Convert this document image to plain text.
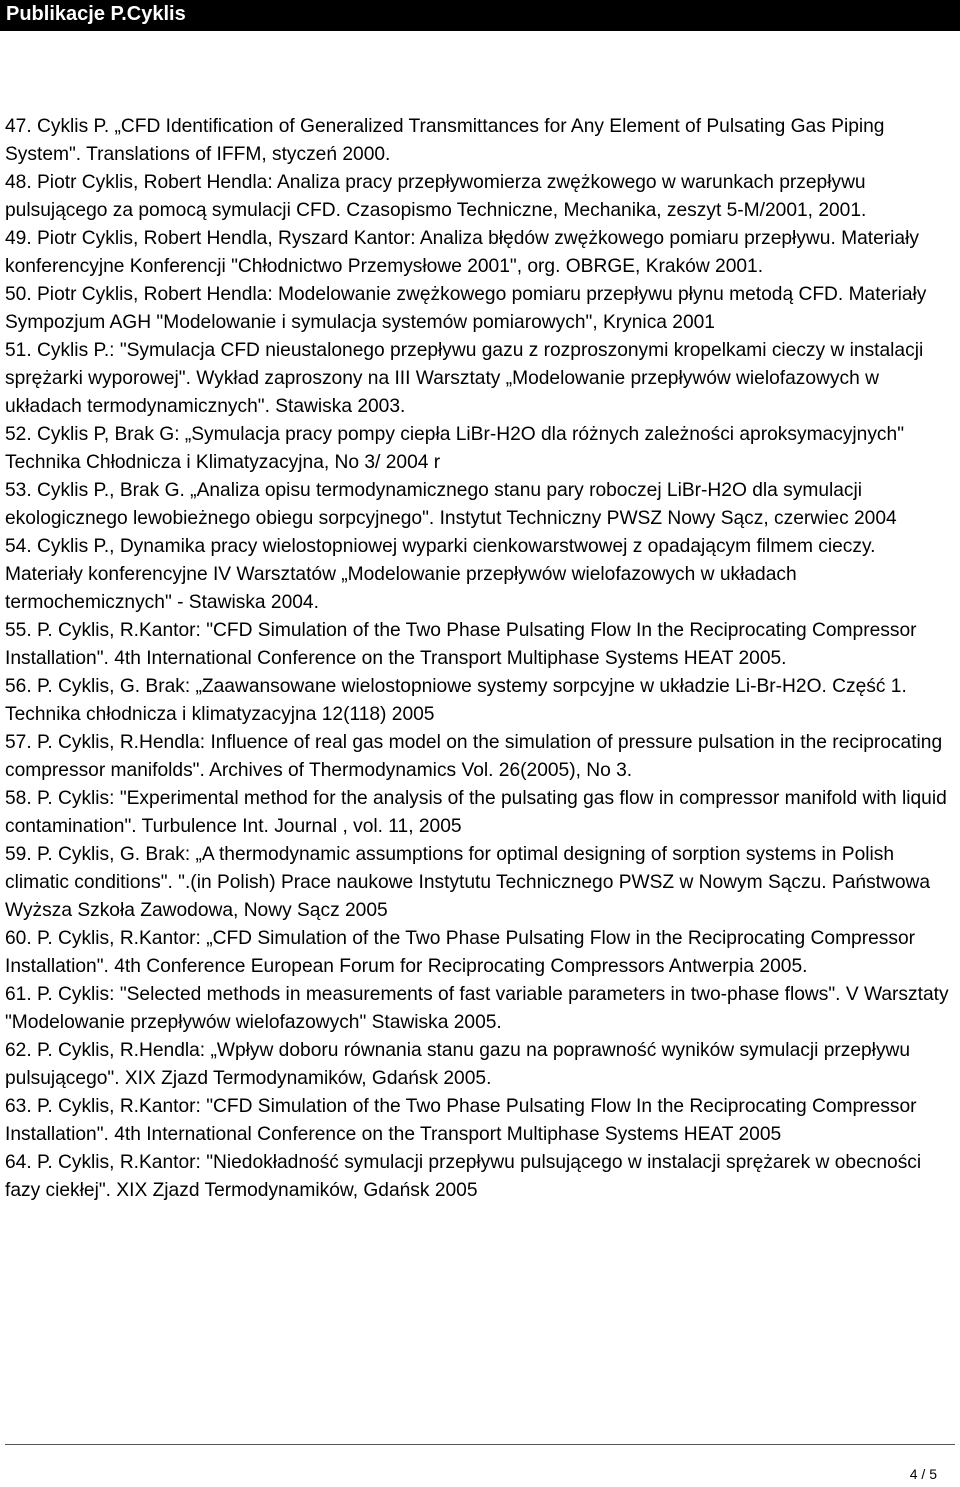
Publikacje P.Cyklis

47. Cyklis P. „CFD Identification of Generalized Transmittances for Any Element of Pulsating Gas Piping System". Translations of IFFM, styczeń 2000.

48. Piotr Cyklis, Robert Hendla: Analiza pracy przepływomierza zwężkowego w warunkach przepływu pulsującego za pomocą symulacji CFD. Czasopismo Techniczne, Mechanika, zeszyt 5-M/2001, 2001.

49. Piotr Cyklis, Robert Hendla, Ryszard Kantor: Analiza błędów zwężkowego pomiaru przepływu. Materiały konferencyjne Konferencji "Chłodnictwo Przemysłowe 2001", org. OBRGE, Kraków 2001.

50. Piotr Cyklis, Robert Hendla: Modelowanie zwężkowego pomiaru przepływu płynu metodą CFD. Materiały Sympozjum AGH "Modelowanie i symulacja systemów pomiarowych", Krynica 2001

51. Cyklis P.: "Symulacja CFD nieustalonego przepływu gazu z rozproszonymi kropelkami cieczy w instalacji sprężarki wyporowej". Wykład zaproszony na III Warsztaty „Modelowanie przepływów wielofazowych w układach termodynamicznych". Stawiska 2003.

52. Cyklis P, Brak G: „Symulacja pracy pompy ciepła LiBr-H2O dla różnych zależności aproksymacyjnych" Technika Chłodnicza i Klimatyzacyjna, No 3/ 2004 r

53. Cyklis P., Brak G. „Analiza opisu termodynamicznego stanu pary roboczej LiBr-H2O dla symulacji ekologicznego lewobieżnego obiegu sorpcyjnego". Instytut Techniczny PWSZ Nowy Sącz, czerwiec 2004

54. Cyklis P., Dynamika pracy wielostopniowej wyparki cienkowarstwowej z opadającym filmem cieczy. Materiały konferencyjne IV Warsztatów „Modelowanie przepływów wielofazowych w układach termochemicznych" - Stawiska 2004.

55. P. Cyklis, R.Kantor: "CFD Simulation of the Two Phase Pulsating Flow In the Reciprocating Compressor Installation". 4th International Conference on the Transport Multiphase Systems HEAT 2005.

56. P. Cyklis, G. Brak: „Zaawansowane wielostopniowe systemy sorpcyjne w układzie Li-Br-H2O. Część 1. Technika chłodnicza i klimatyzacyjna 12(118) 2005

57. P. Cyklis, R.Hendla: Influence of real gas model on the simulation of pressure pulsation in the reciprocating compressor manifolds". Archives of Thermodynamics Vol. 26(2005), No 3.

58. P. Cyklis: "Experimental method for the analysis of the pulsating gas flow in compressor manifold with liquid contamination". Turbulence Int. Journal , vol. 11, 2005

59. P. Cyklis, G. Brak: „A thermodynamic assumptions for optimal designing of sorption systems in Polish climatic conditions". ".(in Polish) Prace naukowe Instytutu Technicznego PWSZ w Nowym Sączu. Państwowa Wyższa Szkoła Zawodowa, Nowy Sącz 2005

60. P. Cyklis, R.Kantor: „CFD Simulation of the Two Phase Pulsating Flow in the Reciprocating Compressor Installation". 4th Conference European Forum for Reciprocating Compressors Antwerpia 2005.

61. P. Cyklis: "Selected methods in measurements of fast variable parameters in two-phase flows". V Warsztaty "Modelowanie przepływów wielofazowych" Stawiska 2005.

62. P. Cyklis, R.Hendla: „Wpływ doboru równania stanu gazu na poprawność wyników symulacji przepływu pulsującego". XIX Zjazd Termodynamików, Gdańsk 2005.

63. P. Cyklis, R.Kantor: "CFD Simulation of the Two Phase Pulsating Flow In the Reciprocating Compressor Installation". 4th International Conference on the Transport Multiphase Systems HEAT 2005

64. P. Cyklis, R.Kantor: "Niedokładność symulacji przepływu pulsującego w instalacji sprężarek w obecności fazy ciekłej". XIX Zjazd Termodynamików, Gdańsk 2005

4 / 5
